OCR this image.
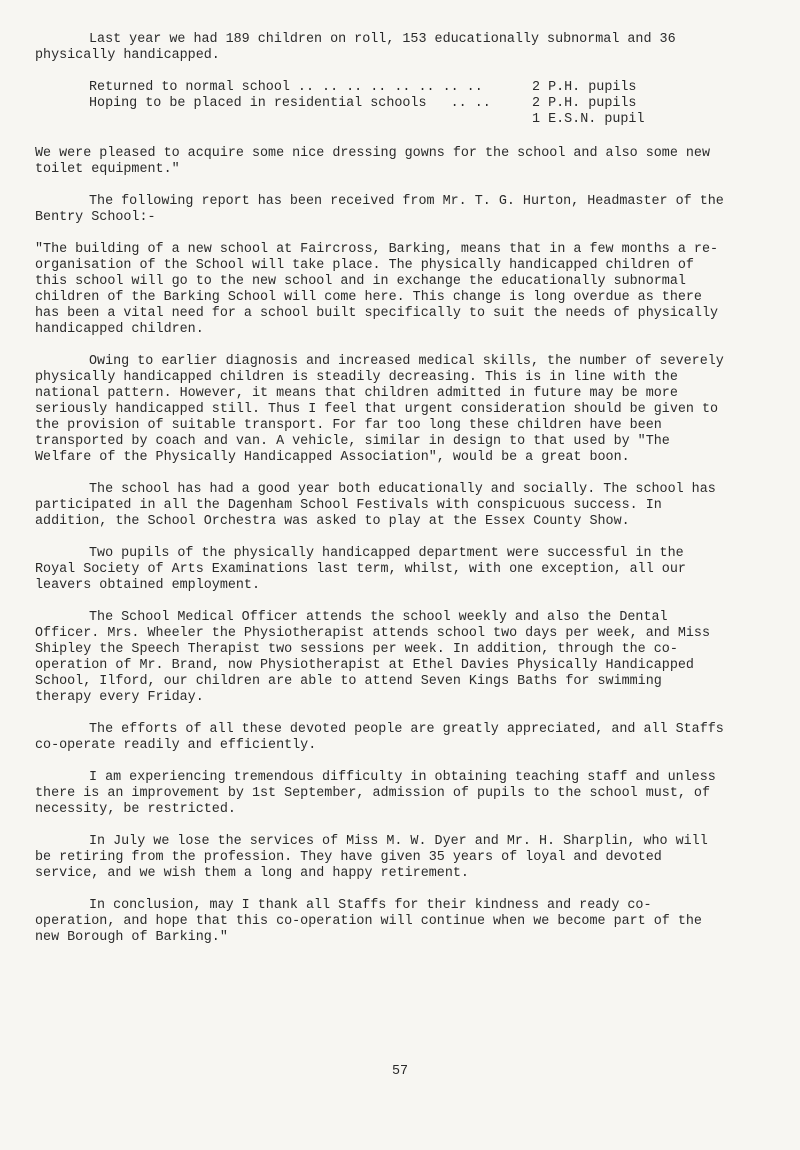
Last year we had 189 children on roll, 153 educationally subnormal and 36 physically handicapped.

Returned to normal school .. .. .. .. .. .. .. ..	2 P.H. pupils
Hoping to be placed in residential schools   .. ..	2 P.H. pupils
1 E.S.N. pupil

We were pleased to acquire some nice dressing gowns for the school and also some new toilet equipment."

The following report has been received from Mr. T. G. Hurton, Headmaster of the Bentry School:-

"The building of a new school at Faircross, Barking, means that in a few months a re-organisation of the School will take place. The physically handicapped children of this school will go to the new school and in exchange the educationally subnormal children of the Barking School will come here. This change is long overdue as there has been a vital need for a school built specifically to suit the needs of physically handicapped children.

Owing to earlier diagnosis and increased medical skills, the number of severely physically handicapped children is steadily decreasing. This is in line with the national pattern. However, it means that children admitted in future may be more seriously handicapped still. Thus I feel that urgent consideration should be given to the provision of suitable transport. For far too long these children have been transported by coach and van. A vehicle, similar in design to that used by "The Welfare of the Physically Handicapped Association", would be a great boon.

The school has had a good year both educationally and socially. The school has participated in all the Dagenham School Festivals with conspicuous success. In addition, the School Orchestra was asked to play at the Essex County Show.

Two pupils of the physically handicapped department were successful in the Royal Society of Arts Examinations last term, whilst, with one exception, all our leavers obtained employment.

The School Medical Officer attends the school weekly and also the Dental Officer. Mrs. Wheeler the Physiotherapist attends school two days per week, and Miss Shipley the Speech Therapist two sessions per week. In addition, through the co-operation of Mr. Brand, now Physiotherapist at Ethel Davies Physically Handicapped School, Ilford, our children are able to attend Seven Kings Baths for swimming therapy every Friday.

The efforts of all these devoted people are greatly appreciated, and all Staffs co-operate readily and efficiently.

I am experiencing tremendous difficulty in obtaining teaching staff and unless there is an improvement by 1st September, admission of pupils to the school must, of necessity, be restricted.

In July we lose the services of Miss M. W. Dyer and Mr. H. Sharplin, who will be retiring from the profession. They have given 35 years of loyal and devoted service, and we wish them a long and happy retirement.

In conclusion, may I thank all Staffs for their kindness and ready co-operation, and hope that this co-operation will continue when we become part of the new Borough of Barking."

57
